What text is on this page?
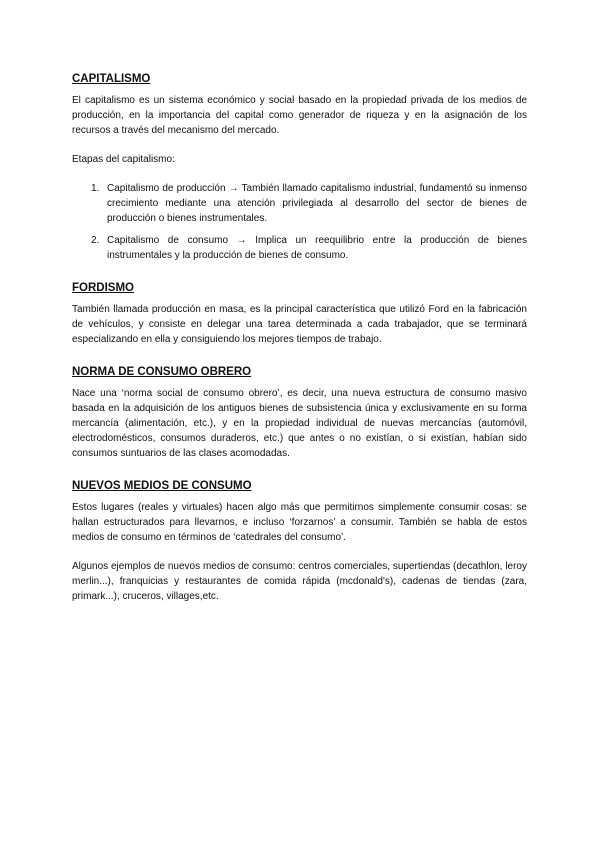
CAPITALISMO

El capitalismo es un sistema económico y social basado en la propiedad privada de los medios de producción, en la importancia del capital como generador de riqueza y en la asignación de los recursos a través del mecanismo del mercado.

Etapas del capitalismo:

1. Capitalismo de producción → También llamado capitalismo industrial, fundamentó su inmenso crecimiento mediante una atención privilegiada al desarrollo del sector de bienes de producción o bienes instrumentales.
2. Capitalismo de consumo → Implica un reequilibrio entre la producción de bienes instrumentales y la producción de bienes de consumo.
FORDISMO

También llamada producción en masa, es la principal característica que utilizó Ford en la fabricación de vehículos, y consiste en delegar una tarea determinada a cada trabajador, que se terminará especializando en ella y consiguiendo los mejores tiempos de trabajo.

NORMA DE CONSUMO OBRERO

Nace una ‘norma social de consumo obrero’, es decir, una nueva estructura de consumo masivo basada en la adquisición de los antiguos bienes de subsistencia única y exclusivamente en su forma mercancía (alimentación, etc.), y en la propiedad individual de nuevas mercancías (automóvil, electrodomésticos, consumos duraderos, etc.) que antes o no existían, o si existían, habían sido consumos suntuarios de las clases acomodadas.

NUEVOS MEDIOS DE CONSUMO

Estos lugares (reales y virtuales) hacen algo más que permitirnos simplemente consumir cosas: se hallan estructurados para llevarnos, e incluso ‘forzarnos’ a consumir. También se habla de estos medios de consumo en términos de ‘catedrales del consumo’.

Algunos ejemplos de nuevos medios de consumo: centros comerciales, supertiendas (decathlon, leroy merlin...), franquicias y restaurantes de comida rápida (mcdonald's), cadenas de tiendas (zara, primark...), cruceros, villages,etc.
